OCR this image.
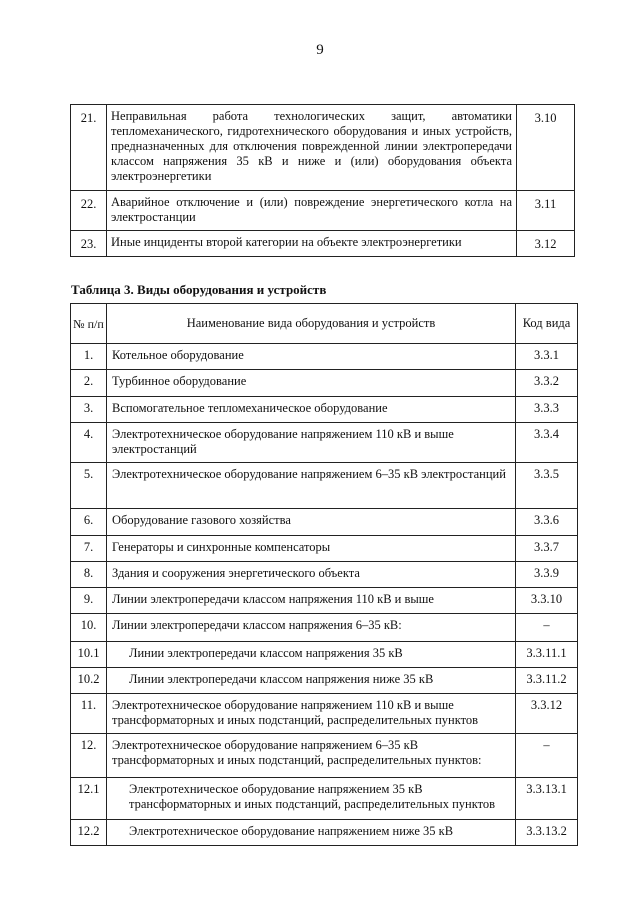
9
21.	Неправильная работа технологических защит, автоматики тепломеханического, гидротехнического оборудования и иных устройств, предназначенных для отключения поврежденной линии электропередачи классом напряжения 35 кВ и ниже и (или) оборудования объекта электроэнергетики	3.10
22.	Аварийное отключение и (или) повреждение энергетического котла на электростанции	3.11
23.	Иные инциденты второй категории на объекте электроэнергетики	3.12
Таблица 3. Виды оборудования и устройств
№ п/п	Наименование вида оборудования и устройств	Код вида
1.	Котельное оборудование	3.3.1
2.	Турбинное оборудование	3.3.2
3.	Вспомогательное тепломеханическое оборудование	3.3.3
4.	Электротехническое оборудование напряжением 110 кВ и выше электростанций	3.3.4
5.	Электротехническое оборудование напряжением 6–35 кВ электростанций	3.3.5
6.	Оборудование газового хозяйства	3.3.6
7.	Генераторы и синхронные компенсаторы	3.3.7
8.	Здания и сооружения энергетического объекта	3.3.9
9.	Линии электропередачи классом напряжения 110 кВ и выше	3.3.10
10.	Линии электропередачи классом напряжения 6–35 кВ:	–
10.1	Линии электропередачи классом напряжения 35 кВ	3.3.11.1
10.2	Линии электропередачи классом напряжения ниже 35 кВ	3.3.11.2
11.	Электротехническое оборудование напряжением 110 кВ и выше трансформаторных и иных подстанций, распределительных пунктов	3.3.12
12.	Электротехническое оборудование напряжением 6–35 кВ трансформаторных и иных подстанций, распределительных пунктов:	–
12.1	Электротехническое оборудование напряжением 35 кВ трансформаторных и иных подстанций, распределительных пунктов	3.3.13.1
12.2	Электротехническое оборудование напряжением ниже 35 кВ	3.3.13.2
